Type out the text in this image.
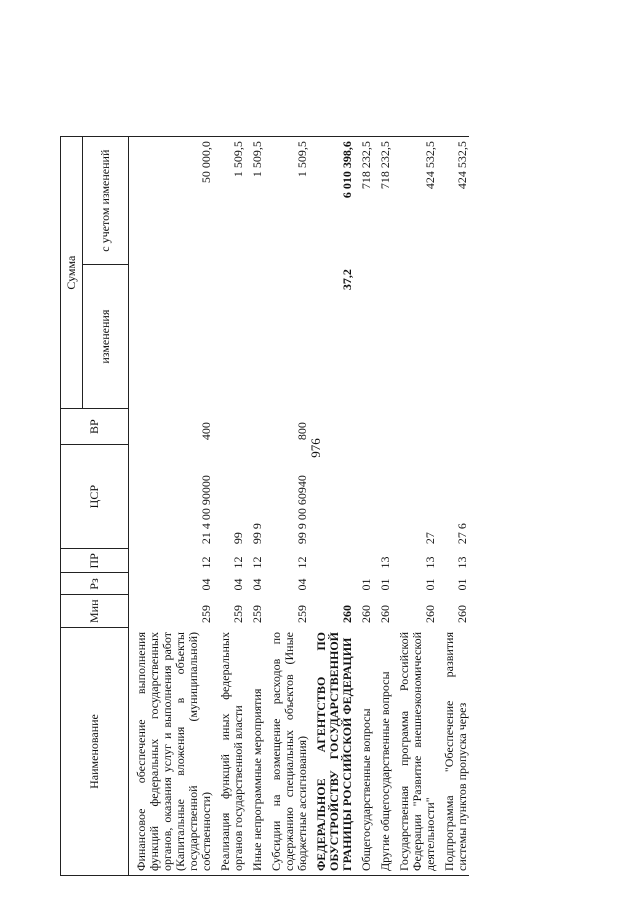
976
Наименование	Мин	Рз	ПР	ЦСР	ВР	Сумма	
						изменения	с учетом изменений

Финансовое обеспечение выполнения функций федеральных государственных органов, оказания услуг и выполнения работ (Капитальные вложения в объекты государственной (муниципальной) собственности)	259	04	12	21 4 00 90000	400		50 000,0

Реализация функций иных федеральных органов государственной власти	259	04	12	99			1 509,5

Иные непрограммные мероприятия	259	04	12	99 9			1 509,5

Субсидии на возмещение расходов по содержанию специальных объектов (Иные бюджетные ассигнования)	259	04	12	99 9 00 60940	800		1 509,5

ФЕДЕРАЛЬНОЕ АГЕНТСТВО ПО ОБУСТРОЙСТВУ ГОСУДАРСТВЕННОЙ ГРАНИЦЫ РОССИЙСКОЙ ФЕДЕРАЦИИ	260					37,2	6 010 398,6

Общегосударственные вопросы	260	01					718 232,5

Другие общегосударственные вопросы	260	01	13				718 232,5

Государственная программа Российской Федерации "Развитие внешнеэкономической деятельности"	260	01	13	27			424 532,5

Подпрограмма "Обеспечение развития системы пунктов пропуска через	260	01	13	27 6			424 532,5
